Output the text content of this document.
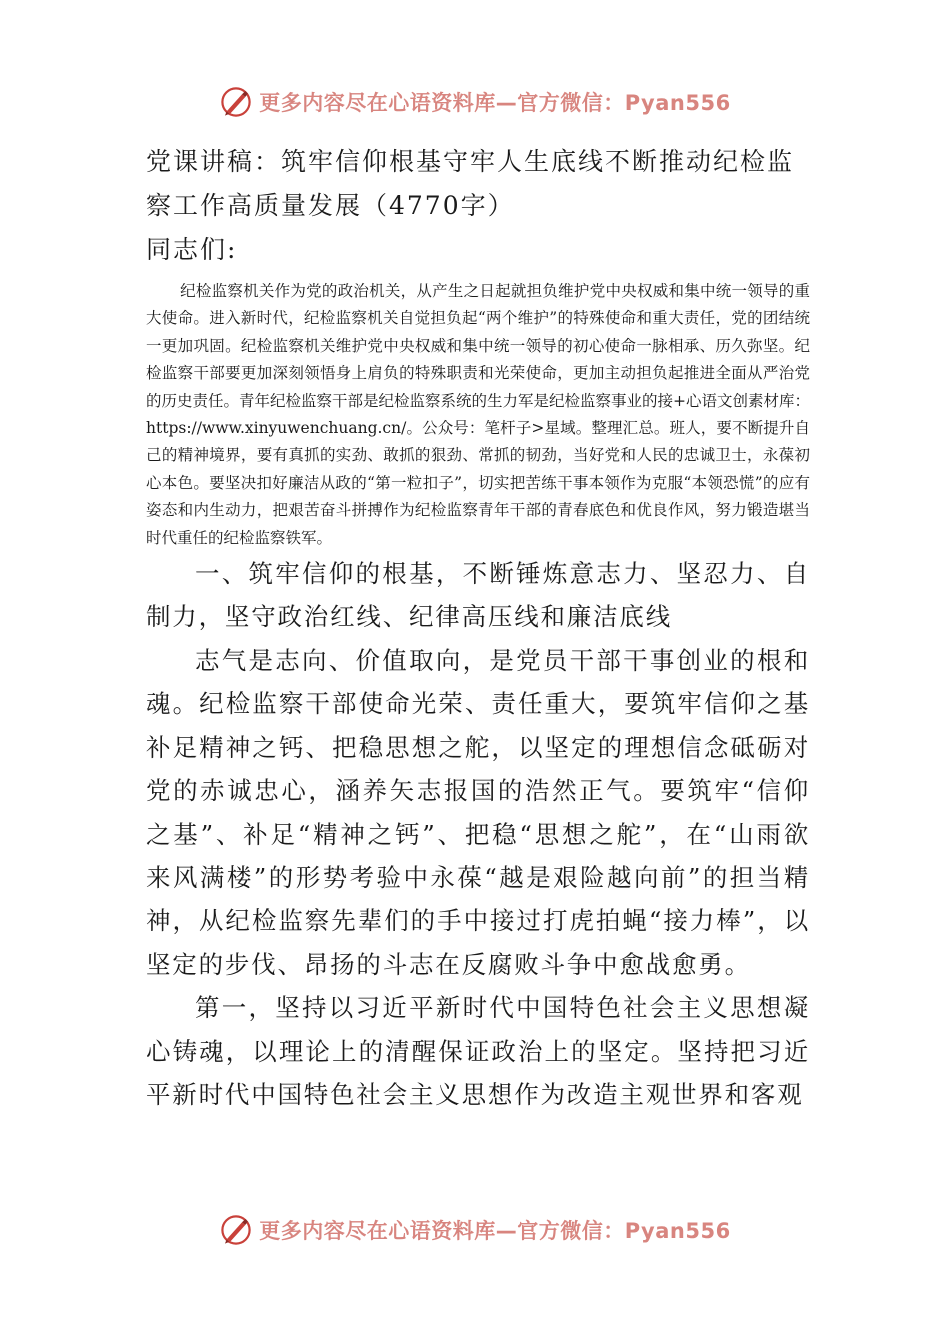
更多内容尽在心语资料库—官方微信：Pyan556
党课讲稿：筑牢信仰根基守牢人生底线不断推动纪检监察工作高质量发展（4770字）

同志们:

纪检监察机关作为党的政治机关，从产生之日起就担负维护党中央权威和集中统一领导的重大使命。进入新时代，纪检监察机关自觉担负起“两个维护”的特殊使命和重大责任，党的团结统一更加巩固。纪检监察机关维护党中央权威和集中统一领导的初心使命一脉相承、历久弥坚。纪检监察干部要更加深刻领悟身上肩负的特殊职责和光荣使命，更加主动担负起推进全面从严治党的历史责任。青年纪检监察干部是纪检监察系统的生力军是纪检监察事业的接+心语文创素材库：https://www.xinyuwenchuang.cn/。公众号：笔杆子>星域。整理汇总。班人，要不断提升自己的精神境界，要有真抓的实劲、敢抓的狠劲、常抓的韧劲，当好党和人民的忠诚卫士，永葆初心本色。要坚决扣好廉洁从政的“第一粒扣子”，切实把苦练干事本领作为克服“本领恐慌”的应有姿态和内生动力，把艰苦奋斗拼搏作为纪检监察青年干部的青春底色和优良作风，努力锻造堪当时代重任的纪检监察铁军。

一、筑牢信仰的根基，不断锤炼意志力、坚忍力、自制力，坚守政治红线、纪律高压线和廉洁底线

志气是志向、价值取向，是党员干部干事创业的根和魂。纪检监察干部使命光荣、责任重大，要筑牢信仰之基补足精神之钙、把稳思想之舵，以坚定的理想信念砥砺对党的赤诚忠心，涵养矢志报国的浩然正气。要筑牢“信仰之基”、补足“精神之钙”、把稳“思想之舵”，在“山雨欲来风满楼”的形势考验中永葆“越是艰险越向前”的担当精神，从纪检监察先辈们的手中接过打虎拍蝇“接力棒”，以坚定的步伐、昂扬的斗志在反腐败斗争中愈战愈勇。

第一，坚持以习近平新时代中国特色社会主义思想凝心铸魂，以理论上的清醒保证政治上的坚定。坚持把习近平新时代中国特色社会主义思想作为改造主观世界和客观

更多内容尽在心语资料库—官方微信：Pyan556
